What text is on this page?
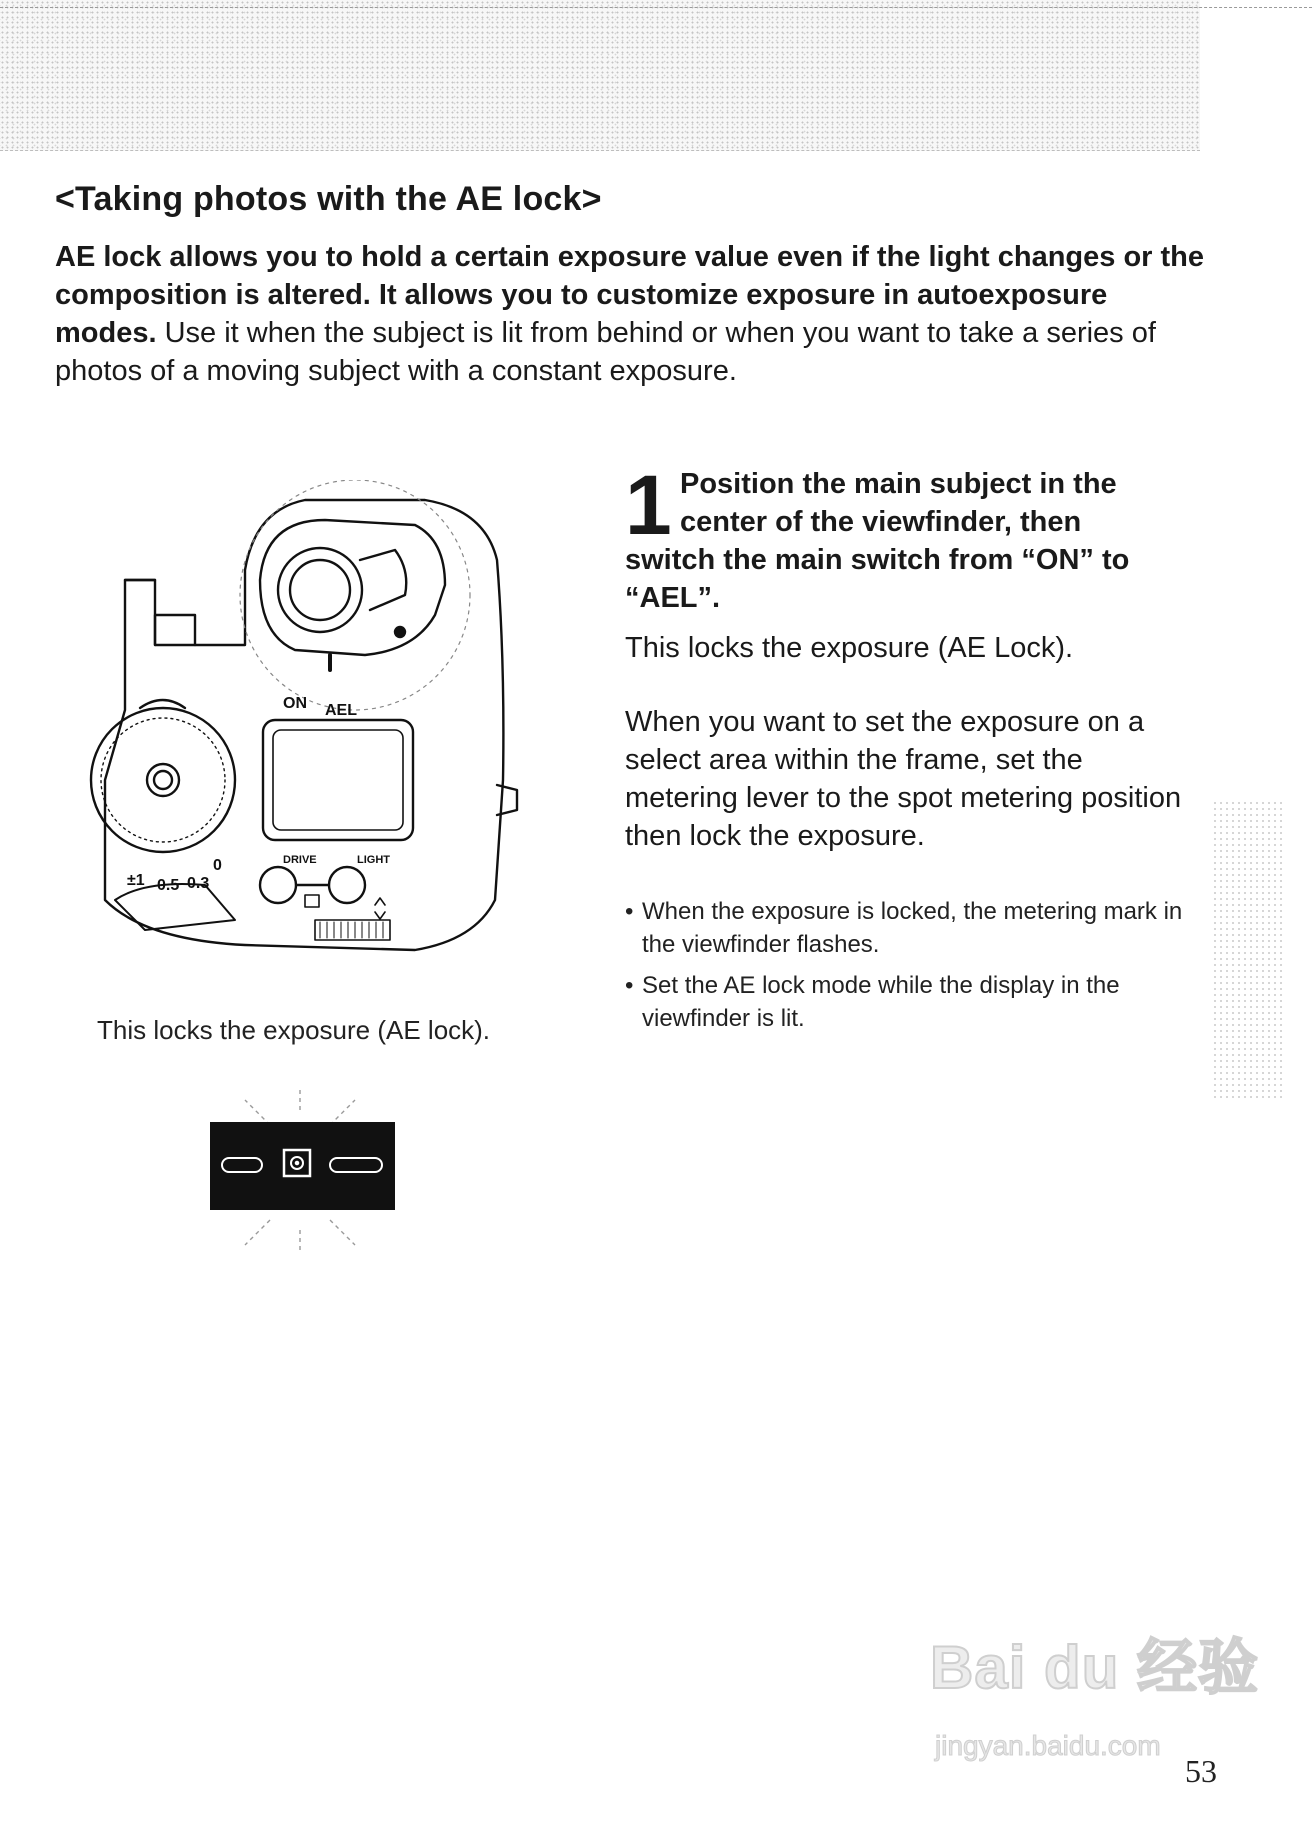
<Taking photos with the AE lock>

AE lock allows you to hold a certain exposure value even if the light changes or the composition is altered. It allows you to customize exposure in autoexposure modes. Use it when the subject is lit from behind or when you want to take a series of photos of a moving subject with a constant exposure.

ON AEL
DRIVE	LIGHT
±1 0.5 0.3
0

This locks the exposure (AE lock).

1 Position the main subject in the
center of the viewfinder, then
switch the main switch from “ON” to “AEL”.

This locks the exposure (AE Lock).

When you want to set the exposure on a select area within the frame, set the metering lever to the spot metering position then lock the exposure.

• When the exposure is locked, the metering mark in the viewfinder flashes.
• Set the AE lock mode while the display in the viewfinder is lit.
Bai du 经验
jingyan.baidu.com
53
